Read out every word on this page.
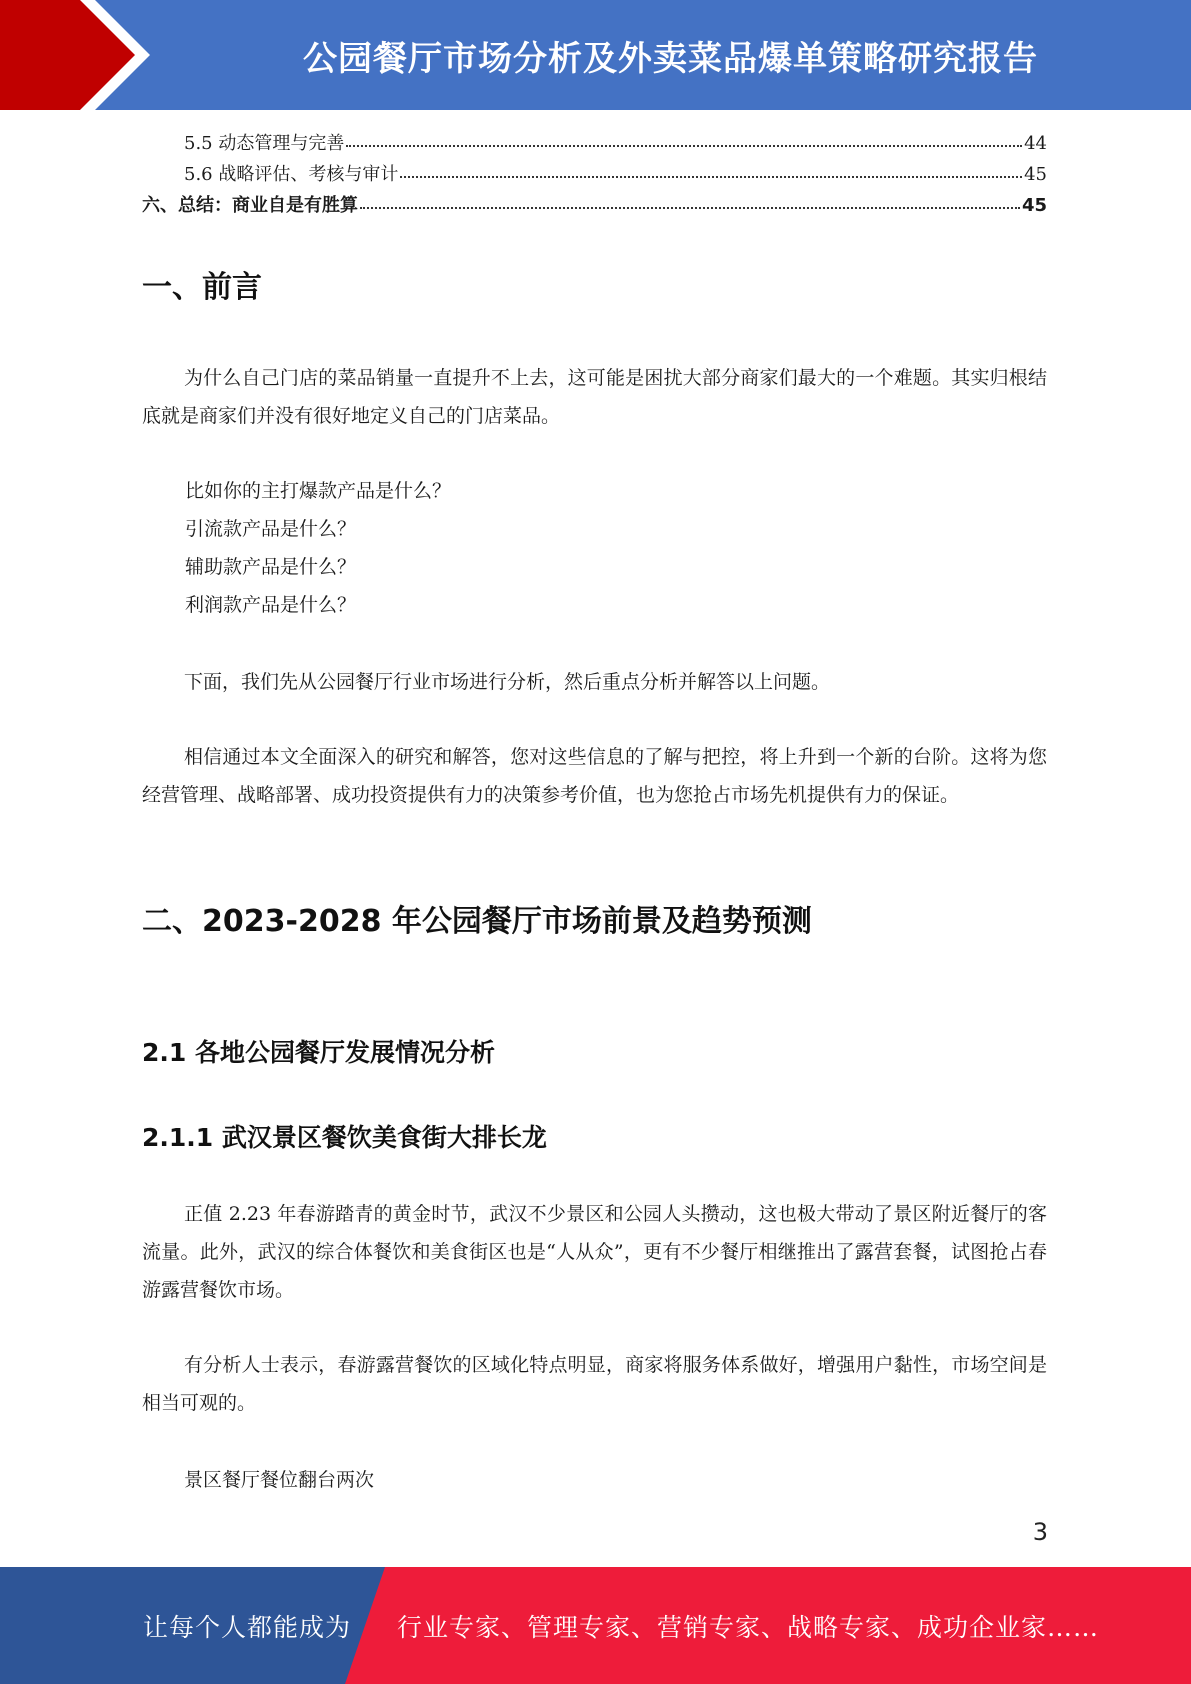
公园餐厅市场分析及外卖菜品爆单策略研究报告
5.5 动态管理与完善	44
5.6 战略评估、考核与审计	45
六、总结：商业自是有胜算	45
一、前言
为什么自己门店的菜品销量一直提升不上去，这可能是困扰大部分商家们最大的一个难题。其实归根结底就是商家们并没有很好地定义自己的门店菜品。
比如你的主打爆款产品是什么？
引流款产品是什么？
辅助款产品是什么？
利润款产品是什么？
下面，我们先从公园餐厅行业市场进行分析，然后重点分析并解答以上问题。
相信通过本文全面深入的研究和解答，您对这些信息的了解与把控，将上升到一个新的台阶。这将为您经营管理、战略部署、成功投资提供有力的决策参考价值，也为您抢占市场先机提供有力的保证。
二、2023-2028 年公园餐厅市场前景及趋势预测
2.1 各地公园餐厅发展情况分析
2.1.1 武汉景区餐饮美食街大排长龙
正值 2.23 年春游踏青的黄金时节，武汉不少景区和公园人头攒动，这也极大带动了景区附近餐厅的客流量。此外，武汉的综合体餐饮和美食街区也是“人从众”，更有不少餐厅相继推出了露营套餐，试图抢占春游露营餐饮市场。
有分析人士表示，春游露营餐饮的区域化特点明显，商家将服务体系做好，增强用户黏性，市场空间是相当可观的。
景区餐厅餐位翻台两次
3
让每个人都能成为 行业专家、管理专家、营销专家、战略专家、成功企业家……
